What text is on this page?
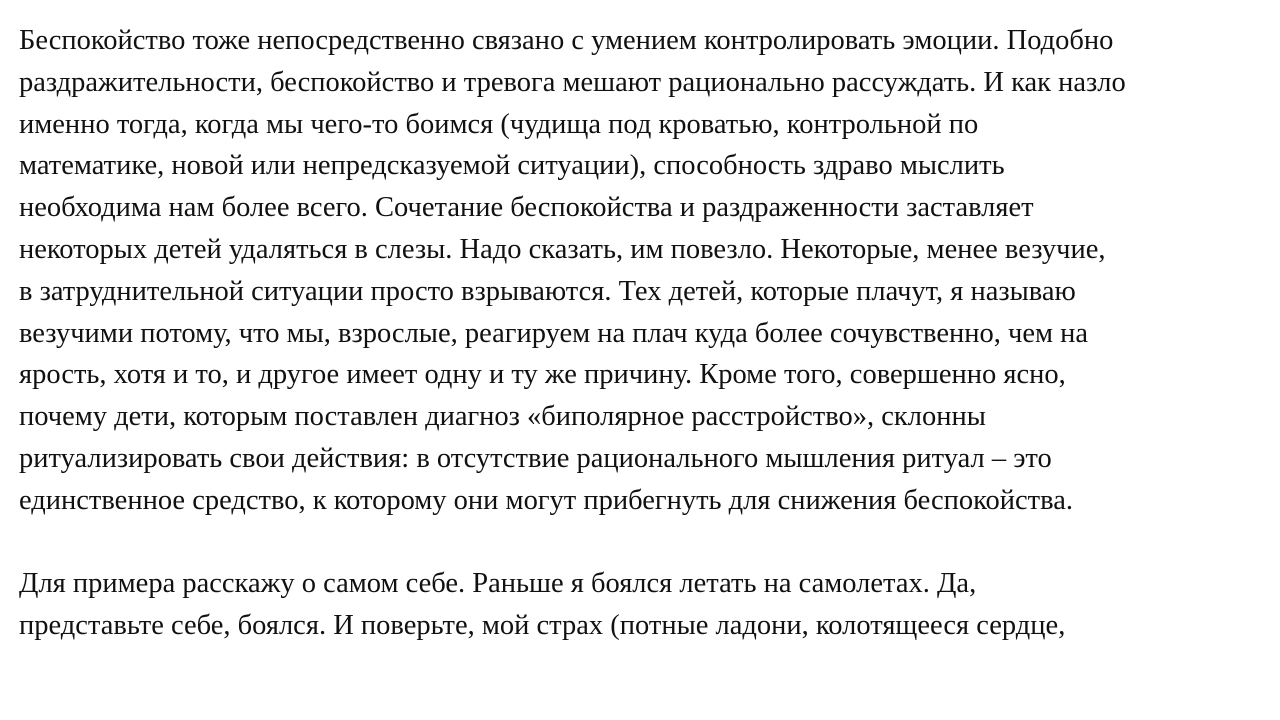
Беспокойство тоже непосредственно связано с умением контролировать эмоции. Подобно
раздражительности, беспокойство и тревога мешают рационально рассуждать. И как назло
именно тогда, когда мы чего-то боимся (чудища под кроватью, контрольной по
математике, новой или непредсказуемой ситуации), способность здраво мыслить
необходима нам более всего. Сочетание беспокойства и раздраженности заставляет
некоторых детей удаляться в слезы. Надо сказать, им повезло. Некоторые, менее везучие,
в затруднительной ситуации просто взрываются. Тех детей, которые плачут, я называю
везучими потому, что мы, взрослые, реагируем на плач куда более сочувственно, чем на
ярость, хотя и то, и другое имеет одну и ту же причину. Кроме того, совершенно ясно,
почему дети, которым поставлен диагноз «биполярное расстройство», склонны
ритуализировать свои действия: в отсутствие рационального мышления ритуал – это
единственное средство, к которому они могут прибегнуть для снижения беспокойства.
Для примера расскажу о самом себе. Раньше я боялся летать на самолетах. Да,
представьте себе, боялся. И поверьте, мой страх (потные ладони, колотящееся сердце,
